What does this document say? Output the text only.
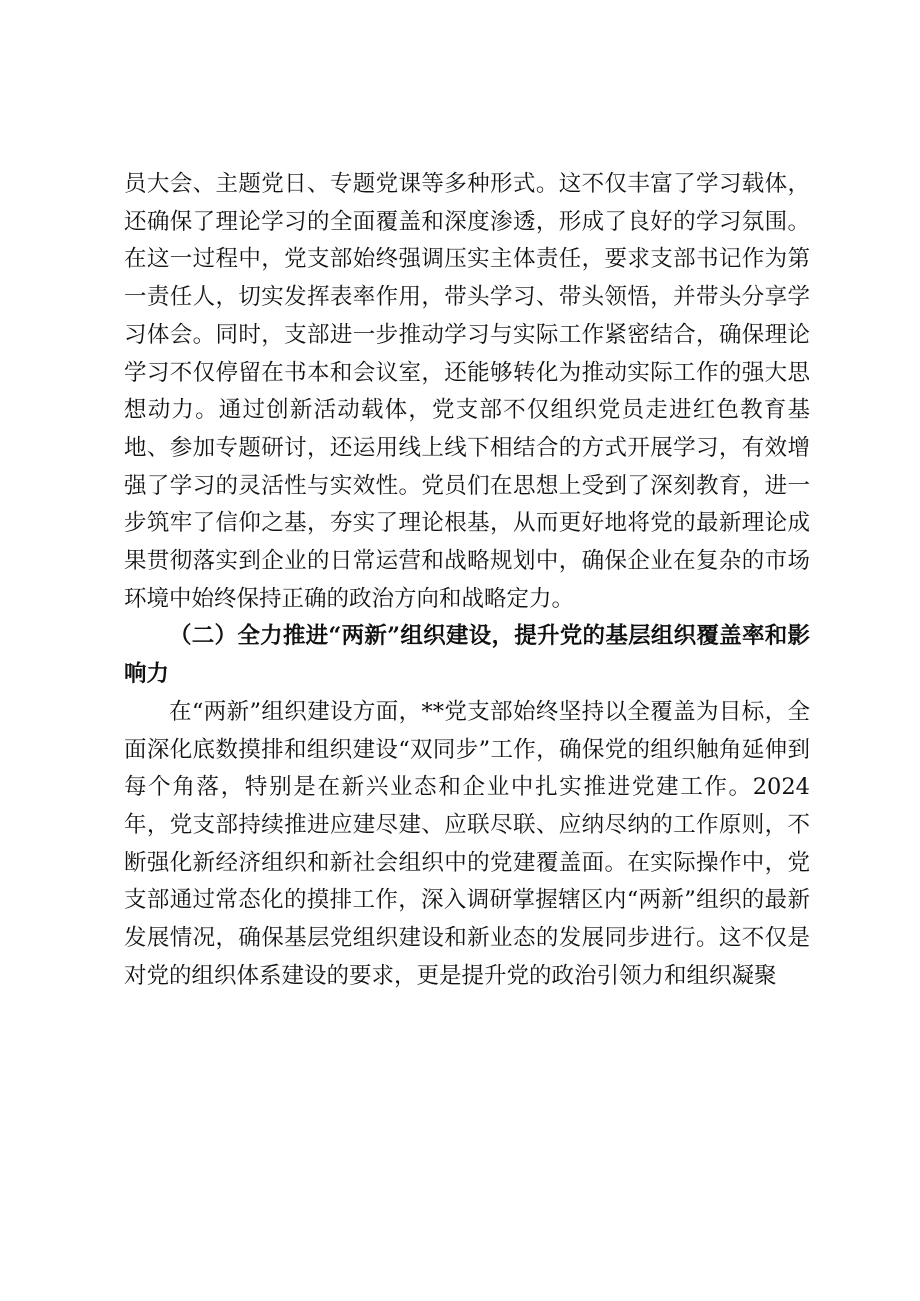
员大会、主题党日、专题党课等多种形式。这不仅丰富了学习载体，还确保了理论学习的全面覆盖和深度渗透，形成了良好的学习氛围。在这一过程中，党支部始终强调压实主体责任，要求支部书记作为第一责任人，切实发挥表率作用，带头学习、带头领悟，并带头分享学习体会。同时，支部进一步推动学习与实际工作紧密结合，确保理论学习不仅停留在书本和会议室，还能够转化为推动实际工作的强大思想动力。通过创新活动载体，党支部不仅组织党员走进红色教育基地、参加专题研讨，还运用线上线下相结合的方式开展学习，有效增强了学习的灵活性与实效性。党员们在思想上受到了深刻教育，进一步筑牢了信仰之基，夯实了理论根基，从而更好地将党的最新理论成果贯彻落实到企业的日常运营和战略规划中，确保企业在复杂的市场环境中始终保持正确的政治方向和战略定力。

（二）全力推进“两新”组织建设，提升党的基层组织覆盖率和影响力

在“两新”组织建设方面，**党支部始终坚持以全覆盖为目标，全面深化底数摸排和组织建设“双同步”工作，确保党的组织触角延伸到每个角落，特别是在新兴业态和企业中扎实推进党建工作。2024年，党支部持续推进应建尽建、应联尽联、应纳尽纳的工作原则，不断强化新经济组织和新社会组织中的党建覆盖面。在实际操作中，党支部通过常态化的摸排工作，深入调研掌握辖区内“两新”组织的最新发展情况，确保基层党组织建设和新业态的发展同步进行。这不仅是对党的组织体系建设的要求，更是提升党的政治引领力和组织凝聚
